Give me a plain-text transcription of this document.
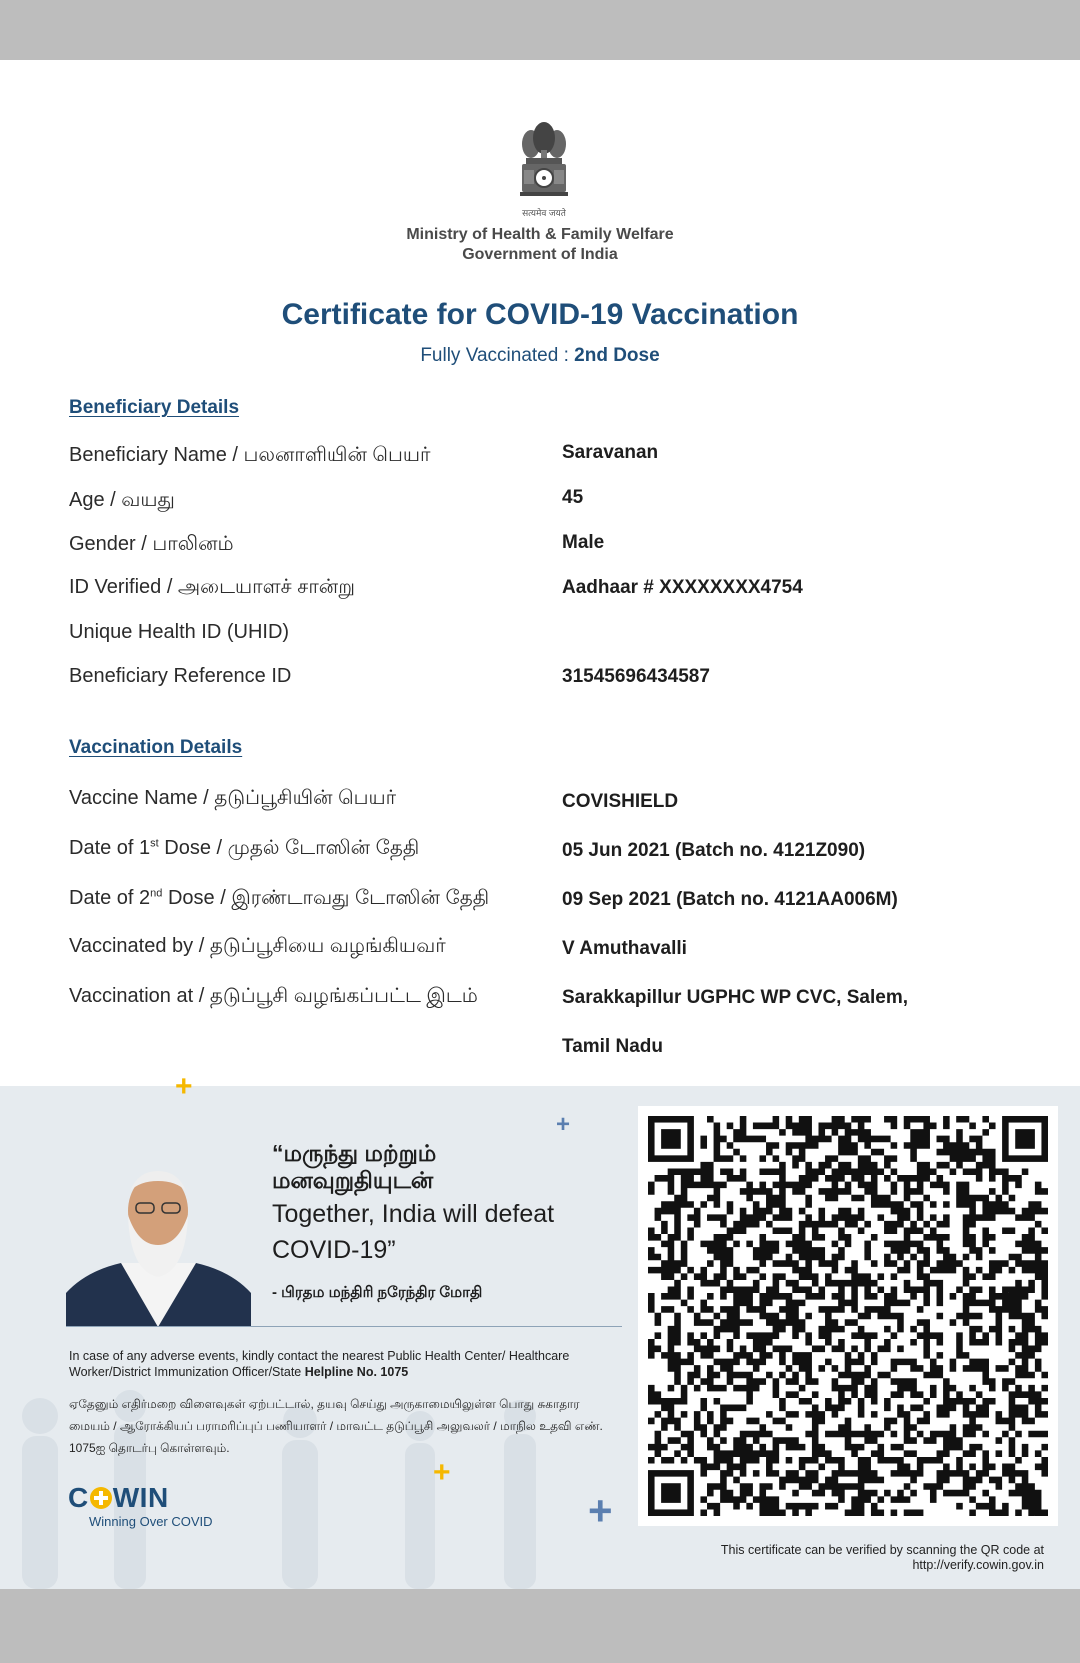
सत्यमेव जयते
Ministry of Health & Family Welfare
Government of India
Certificate for COVID-19 Vaccination
Fully Vaccinated : 2nd Dose
Beneficiary Details
Beneficiary Name / பலனாளியின் பெயர்	Saravanan
Age / வயது	45
Gender / பாலினம்	Male
ID Verified / அடையாளச் சான்று	Aadhaar # XXXXXXXX4754
Unique Health ID (UHID)
Beneficiary Reference ID	31545696434587
Vaccination Details
Vaccine Name / தடுப்பூசியின் பெயர்	COVISHIELD
Date of 1st Dose / முதல் டோஸின் தேதி	05 Jun 2021 (Batch no. 4121Z090)
Date of 2nd Dose / இரண்டாவது டோஸின் தேதி	09 Sep 2021 (Batch no. 4121AA006M)
Vaccinated by / தடுப்பூசியை வழங்கியவர்	V Amuthavalli
Vaccination at / தடுப்பூசி வழங்கப்பட்ட இடம்	Sarakkapillur UGPHC WP CVC, Salem,
Tamil Nadu
+
+
+
+
“மருந்து மற்றும் மனவுறுதியுடன்
Together, India will defeat COVID-19”
- பிரதம மந்திரி நரேந்திர மோதி
In case of any adverse events, kindly contact the nearest Public Health Center/ Healthcare Worker/District Immunization Officer/State Helpline No. 1075
ஏதேனும் எதிர்மறை விளைவுகள் ஏற்பட்டால், தயவு செய்து அருகாமையிலுள்ள பொது சுகாதார மையம் / ஆரோக்கியப் பராமரிப்புப் பணியாளர் / மாவட்ட தடுப்பூசி அலுவலர் / மாநில உதவி எண். 1075ஐ தொடர்பு கொள்ளவும்.
C WIN
Winning Over COVID
This certificate can be verified by scanning the QR code at
http://verify.cowin.gov.in
